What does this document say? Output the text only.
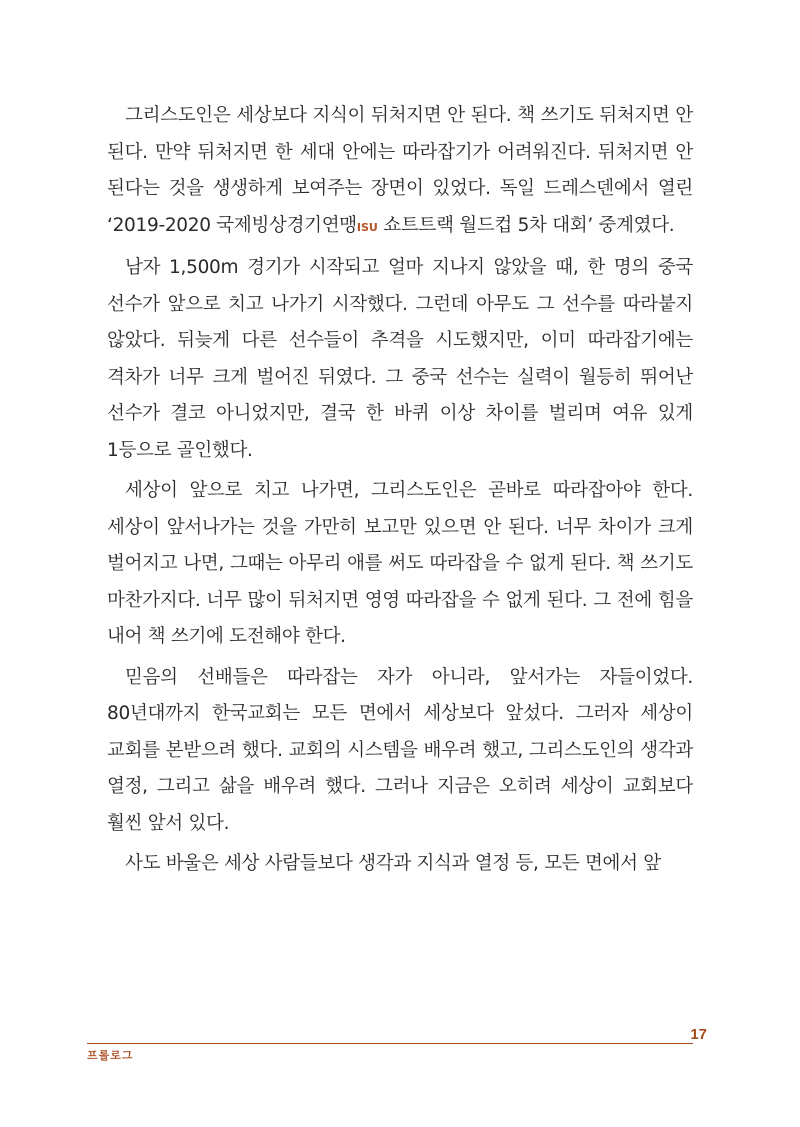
그리스도인은 세상보다 지식이 뒤처지면 안 된다. 책 쓰기도 뒤처지면 안 된다. 만약 뒤처지면 한 세대 안에는 따라잡기가 어려워진다. 뒤처지면 안 된다는 것을 생생하게 보여주는 장면이 있었다. 독일 드레스덴에서 열린 ‘2019-2020 국제빙상경기연맹ISU 쇼트트랙 월드컵 5차 대회’ 중계였다.

남자 1,500m 경기가 시작되고 얼마 지나지 않았을 때, 한 명의 중국 선수가 앞으로 치고 나가기 시작했다. 그런데 아무도 그 선수를 따라붙지 않았다. 뒤늦게 다른 선수들이 추격을 시도했지만, 이미 따라잡기에는 격차가 너무 크게 벌어진 뒤였다. 그 중국 선수는 실력이 월등히 뛰어난 선수가 결코 아니었지만, 결국 한 바퀴 이상 차이를 벌리며 여유 있게 1등으로 골인했다.

세상이 앞으로 치고 나가면, 그리스도인은 곧바로 따라잡아야 한다. 세상이 앞서나가는 것을 가만히 보고만 있으면 안 된다. 너무 차이가 크게 벌어지고 나면, 그때는 아무리 애를 써도 따라잡을 수 없게 된다. 책 쓰기도 마찬가지다. 너무 많이 뒤처지면 영영 따라잡을 수 없게 된다. 그 전에 힘을 내어 책 쓰기에 도전해야 한다.

믿음의 선배들은 따라잡는 자가 아니라, 앞서가는 자들이었다. 80년대까지 한국교회는 모든 면에서 세상보다 앞섰다. 그러자 세상이 교회를 본받으려 했다. 교회의 시스템을 배우려 했고, 그리스도인의 생각과 열정, 그리고 삶을 배우려 했다. 그러나 지금은 오히려 세상이 교회보다 훨씬 앞서 있다.

사도 바울은 세상 사람들보다 생각과 지식과 열정 등, 모든 면에서 앞

17
프롤로그
